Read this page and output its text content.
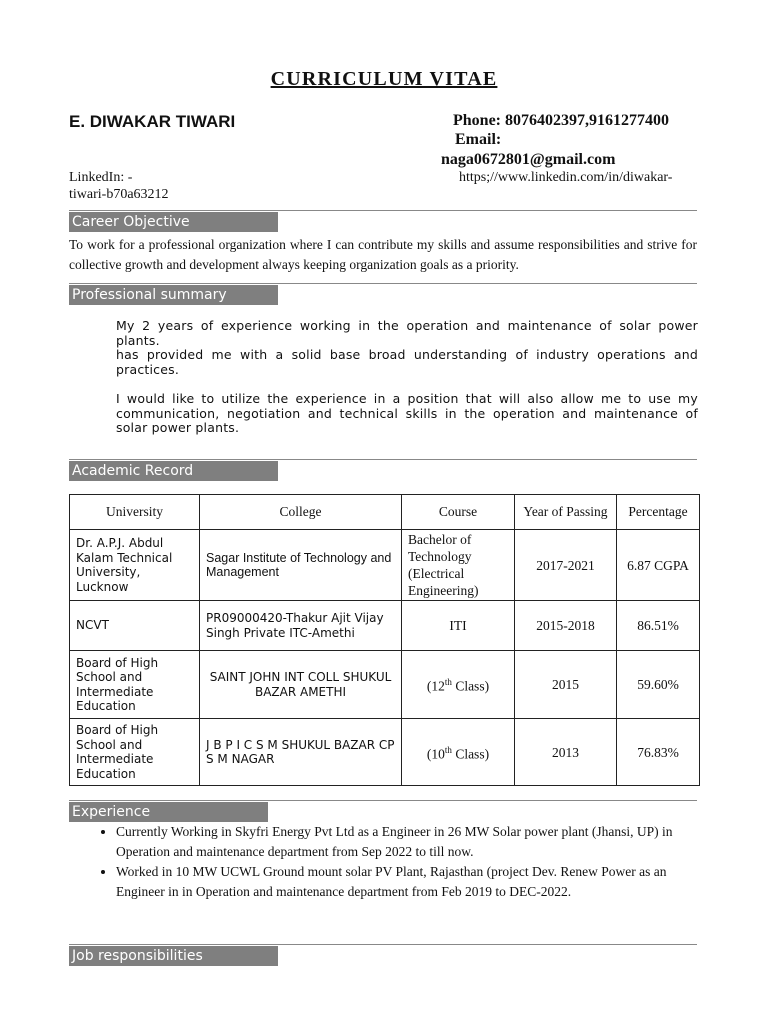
CURRICULUM VITAE
E. DIWAKAR TIWARI	Phone: 8076402397,9161277400
Email:
naga0672801@gmail.com
LinkedIn: -	https;//www.linkedin.com/in/diwakar-
tiwari-b70a63212
Career Objective
To work for a professional organization where I can contribute my skills and assume responsibilities and strive for collective growth and development always keeping organization goals as a priority.
Professional summary
My 2 years of experience working in the operation and maintenance of solar power plants.
has provided me with a solid base broad understanding of industry operations and practices.
I would like to utilize the experience in a position that will also allow me to use my communication, negotiation and technical skills in the operation and maintenance of solar power plants.
Academic Record
University	College	Course	Year of Passing	Percentage
Dr. A.P.J. Abdul Kalam Technical University, Lucknow	Sagar Institute of Technology and Management	Bachelor of Technology (Electrical Engineering)	2017-2021	6.87 CGPA
NCVT	PR09000420-Thakur Ajit Vijay Singh Private ITC-Amethi	ITI	2015-2018	86.51%
Board of High School and Intermediate Education	SAINT JOHN INT COLL SHUKUL BAZAR AMETHI	(12th Class)	2015	59.60%
Board of High School and Intermediate Education	J B P I C S M SHUKUL BAZAR CP S M NAGAR	(10th Class)	2013	76.83%
Experience
• Currently Working in Skyfri Energy Pvt Ltd as a Engineer in 26 MW Solar power plant (Jhansi, UP) in Operation and maintenance department from Sep 2022 to till now.
• Worked in 10 MW UCWL Ground mount solar PV Plant, Rajasthan (project Dev. Renew Power as an Engineer in in Operation and maintenance department from Feb 2019 to DEC-2022.
Job responsibilities
